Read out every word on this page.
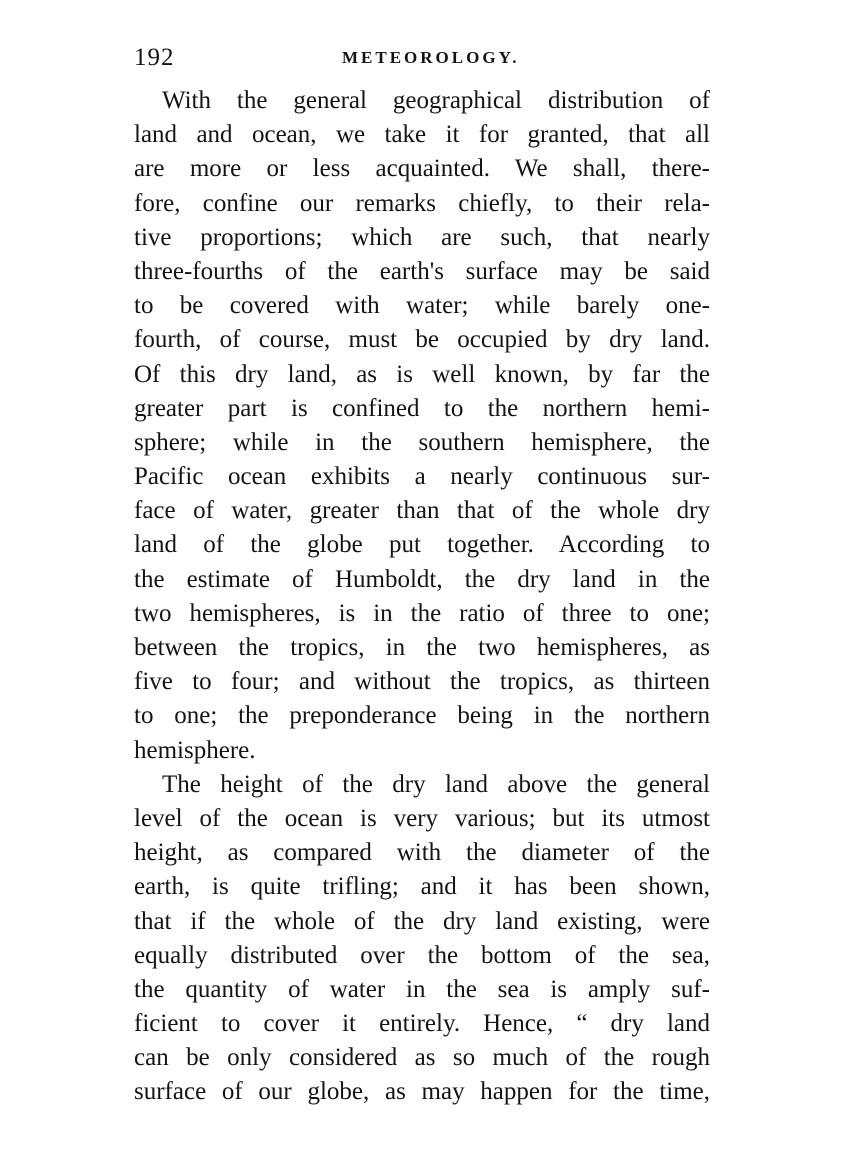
192	METEOROLOGY.
With the general geographical distribution of
land and ocean, we take it for granted, that all
are more or less acquainted. We shall, there-
fore, confine our remarks chiefly, to their rela-
tive proportions; which are such, that nearly
three-fourths of the earth's surface may be said
to be covered with water; while barely one-
fourth, of course, must be occupied by dry land.
Of this dry land, as is well known, by far the
greater part is confined to the northern hemi-
sphere; while in the southern hemisphere, the
Pacific ocean exhibits a nearly continuous sur-
face of water, greater than that of the whole dry
land of the globe put together. According to
the estimate of Humboldt, the dry land in the
two hemispheres, is in the ratio of three to one;
between the tropics, in the two hemispheres, as
five to four; and without the tropics, as thirteen
to one; the preponderance being in the northern
hemisphere.
The height of the dry land above the general
level of the ocean is very various; but its utmost
height, as compared with the diameter of the
earth, is quite trifling; and it has been shown,
that if the whole of the dry land existing, were
equally distributed over the bottom of the sea,
the quantity of water in the sea is amply suf-
ficient to cover it entirely. Hence, “ dry land
can be only considered as so much of the rough
surface of our globe, as may happen for the time,
